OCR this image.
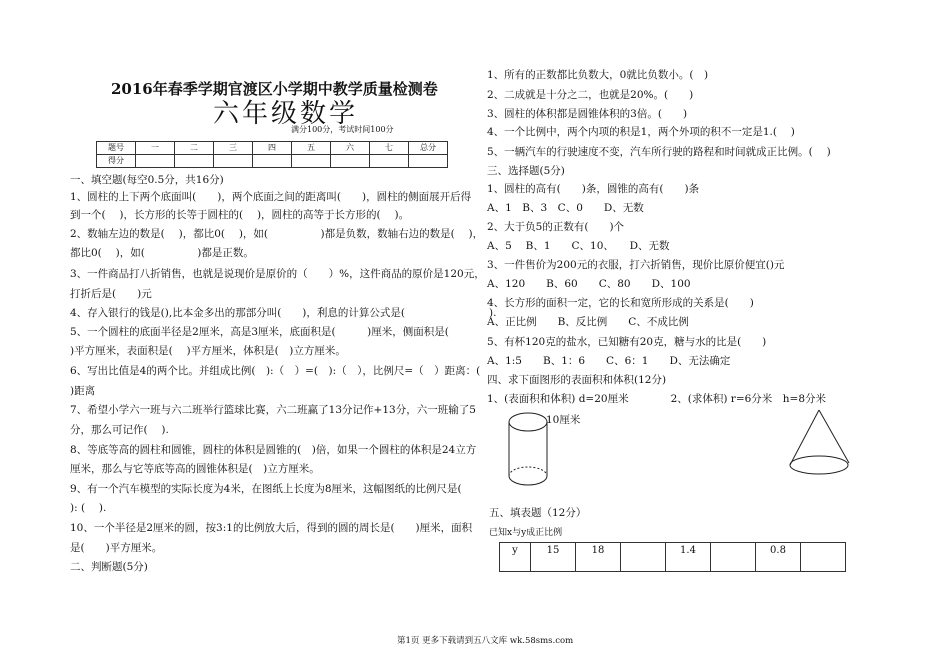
2016年春季学期官渡区小学期中教学质量检测卷
六年级数学
满分100分，考试时间100分
题号	一	二	三	四	五	六	七	总分
得分								
一、填空题(每空0.5分，共16分)
1、圆柱的上下两个底面叫(　　)，两个底面之间的距离叫(　　)，圆柱的侧面展开后得
到一个(　 )，长方形的长等于圆柱的(　 )，圆柱的高等于长方形的(　 )。
2、数轴左边的数是(　 )，都比0(　 )，如(　　　　　)都是负数，数轴右边的数是(　 )，
都比0(　 )，如(　　　　　)都是正数。
3、一件商品打八折销售，也就是说现价是原价的（　　）%，这件商品的原价是120元，
打折后是(　　)元
4、存入银行的钱是(),比本金多出的那部分叫(　　)，利息的计算公式是(　　　　　　　　).
5、一个圆柱的底面半径是2厘米，高是3厘米，底面积是(　　　)厘米，侧面积是(
)平方厘米，表面积是(　 )平方厘米，体积是(　)立方厘米。
6、写出比值是4的两个比。并组成比例(　):（　）=(　):（　），比例尺=（　）距离：(
)距离
7、希望小学六一班与六二班举行篮球比赛，六二班赢了13分记作+13分，六一班输了5
分，那么可记作(　 ).
8、等底等高的圆柱和圆锥，圆柱的体积是圆锥的(　)倍，如果一个圆柱的体积是24立方
厘米，那么与它等底等高的圆锥体积是(　)立方厘米。
9、有一个汽车模型的实际长度为4米，在图纸上长度为8厘米，这幅图纸的比例尺是(
): (　 ).
10、一个半径是2厘米的圆，按3:1的比例放大后，得到的圆的周长是(　　)厘米，面积
是(　　)平方厘米。
二、判断题(5分)
1、所有的正数都比负数大，0就比负数小。(　)
2、二成就是十分之二，也就是20%。(　　)
3、圆柱的体积都是圆锥体积的3倍。(　　)
4、一个比例中，两个内项的积是1，两个外项的积不一定是1.(　 )
5、一辆汽车的行驶速度不变，汽车所行驶的路程和时间就成正比例。(　 )
三、选择题(5分)
1、圆柱的高有(　　)条，圆锥的高有(　　)条
A、1　B、3　C、0　　D、无数
2、大于负5的正数有(　　)个
A、5　 B、1　　C、10、　　D、无数
3、一件售价为200元的衣服，打六折销售，现价比原价便宜()元
A、120　　B、60　　C、80　　D、100
4、长方形的面积一定，它的长和宽所形成的关系是(　　)
A、正比例　　B、反比例　　C、不成比例
5、有杯120克的盐水，已知糖有20克，糖与水的比是(　　)
A、1:5　　B、1：6　　C、6：1　　D、无法确定
四、求下面图形的表面积和体积(12分)
1、(表面积和体积) d=20厘米　　　　2、(求体积) r=6分米　h=8分米
10厘米
五、填表题（12分）
已知x与y成正比例
y	15	18		1.4		0.8	
第1页 更多下载请到五八文库 wk.58sms.com
